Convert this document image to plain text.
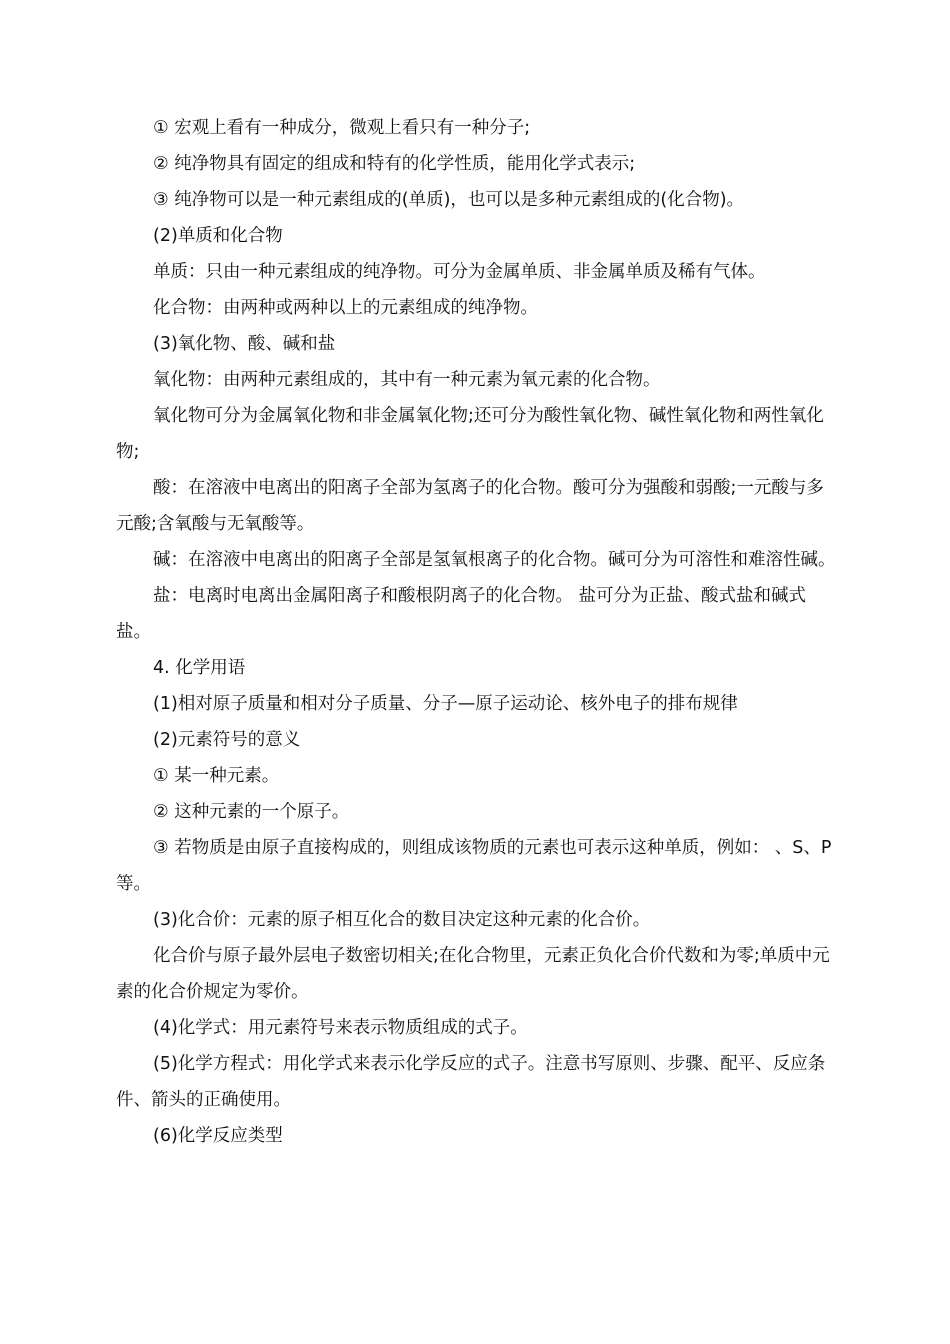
① 宏观上看有一种成分，微观上看只有一种分子;

② 纯净物具有固定的组成和特有的化学性质，能用化学式表示;

③ 纯净物可以是一种元素组成的(单质)，也可以是多种元素组成的(化合物)。

(2)单质和化合物

单质：只由一种元素组成的纯净物。可分为金属单质、非金属单质及稀有气体。

化合物：由两种或两种以上的元素组成的纯净物。

(3)氧化物、酸、碱和盐

氧化物：由两种元素组成的，其中有一种元素为氧元素的化合物。

氧化物可分为金属氧化物和非金属氧化物;还可分为酸性氧化物、碱性氧化物和两性氧化物;

酸：在溶液中电离出的阳离子全部为氢离子的化合物。酸可分为强酸和弱酸;一元酸与多元酸;含氧酸与无氧酸等。

碱：在溶液中电离出的阳离子全部是氢氧根离子的化合物。碱可分为可溶性和难溶性碱。

盐：电离时电离出金属阳离子和酸根阴离子的化合物。 盐可分为正盐、酸式盐和碱式盐。

4. 化学用语

(1)相对原子质量和相对分子质量、分子—原子运动论、核外电子的排布规律

(2)元素符号的意义

① 某一种元素。

② 这种元素的一个原子。

③ 若物质是由原子直接构成的，则组成该物质的元素也可表示这种单质，例如： 、S、P 等。

(3)化合价：元素的原子相互化合的数目决定这种元素的化合价。

化合价与原子最外层电子数密切相关;在化合物里，元素正负化合价代数和为零;单质中元素的化合价规定为零价。

(4)化学式：用元素符号来表示物质组成的式子。

(5)化学方程式：用化学式来表示化学反应的式子。注意书写原则、步骤、配平、反应条件、箭头的正确使用。

(6)化学反应类型
